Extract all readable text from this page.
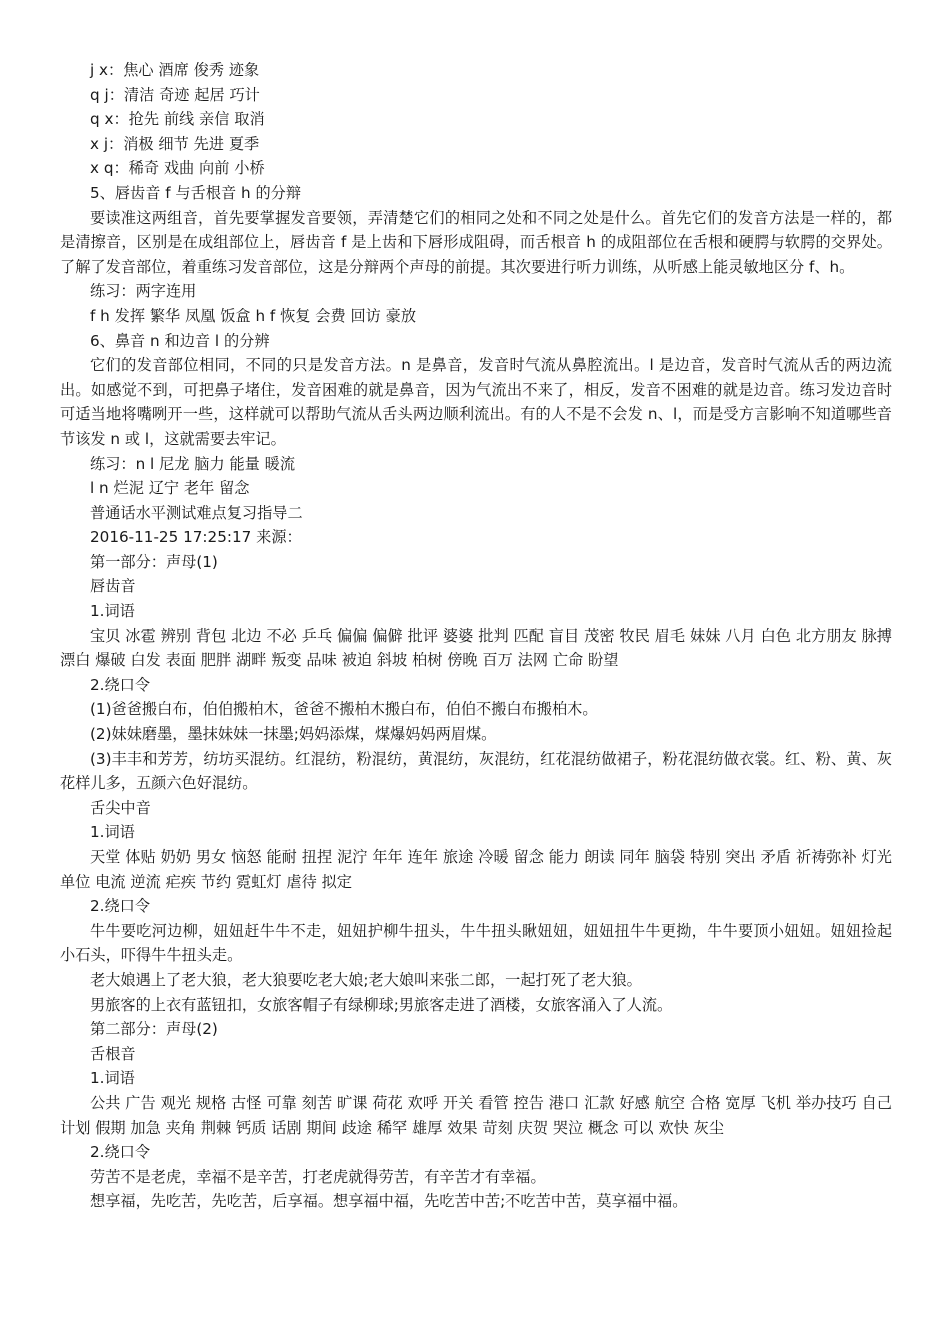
j x：焦心 酒席 俊秀 迹象

q j：清洁 奇迹 起居 巧计

q x：抢先 前线 亲信 取消

x j：消极 细节 先进 夏季

x q：稀奇 戏曲 向前 小桥

5、唇齿音 f 与舌根音 h 的分辩

要读准这两组音，首先要掌握发音要领，弄清楚它们的相同之处和不同之处是什么。首先它们的发音方法是一样的，都是清擦音，区别是在成组部位上，唇齿音 f 是上齿和下唇形成阻碍，而舌根音 h 的成阻部位在舌根和硬腭与软腭的交界处。了解了发音部位，着重练习发音部位，这是分辩两个声母的前提。其次要进行听力训练，从听感上能灵敏地区分 f、h。

练习：两字连用

f h 发挥 繁华 凤凰 饭盒 h f 恢复 会费 回访 豪放

6、鼻音 n 和边音 l 的分辨

它们的发音部位相同，不同的只是发音方法。n 是鼻音，发音时气流从鼻腔流出。l 是边音，发音时气流从舌的两边流出。如感觉不到，可把鼻子堵住，发音困难的就是鼻音，因为气流出不来了，相反，发音不困难的就是边音。练习发边音时可适当地将嘴咧开一些，这样就可以帮助气流从舌头两边顺利流出。有的人不是不会发 n、l，而是受方言影响不知道哪些音节该发 n 或 l，这就需要去牢记。

练习：n l 尼龙 脑力 能量 暖流

l n 烂泥 辽宁 老年 留念

普通话水平测试难点复习指导二

2016-11-25 17:25:17 来源：

第一部分：声母(1)

唇齿音

1.词语

宝贝 冰雹 辨别 背包 北边 不必 乒乓 偏偏 偏僻 批评 婆婆 批判 匹配 盲目 茂密 牧民 眉毛 妹妹 八月 白色 北方朋友 脉搏 漂白 爆破 白发 表面 肥胖 湖畔 叛变 品味 被迫 斜坡 柏树 傍晚 百万 法网 亡命 盼望

2.绕口令

(1)爸爸搬白布，伯伯搬柏木，爸爸不搬柏木搬白布，伯伯不搬白布搬柏木。

(2)妹妹磨墨，墨抹妹妹一抹墨;妈妈添煤，煤爆妈妈两眉煤。

(3)丰丰和芳芳，纺坊买混纺。红混纺，粉混纺，黄混纺，灰混纺，红花混纺做裙子，粉花混纺做衣裳。红、粉、黄、灰花样儿多，五颜六色好混纺。

舌尖中音

1.词语

天堂 体贴 奶奶 男女 恼怒 能耐 扭捏 泥泞 年年 连年 旅途 冷暖 留念 能力 朗读 同年 脑袋 特别 突出 矛盾 祈祷弥补 灯光 单位 电流 逆流 疟疾 节约 霓虹灯 虐待 拟定

2.绕口令

牛牛要吃河边柳，妞妞赶牛牛不走，妞妞护柳牛扭头，牛牛扭头瞅妞妞，妞妞扭牛牛更拗，牛牛要顶小妞妞。妞妞捡起小石头，吓得牛牛扭头走。

老大娘遇上了老大狼，老大狼要吃老大娘;老大娘叫来张二郎，一起打死了老大狼。

男旅客的上衣有蓝钮扣，女旅客帽子有绿柳球;男旅客走进了酒楼，女旅客涌入了人流。

第二部分：声母(2)

舌根音

1.词语

公共 广告 观光 规格 古怪 可靠 刻苦 旷课 荷花 欢呼 开关 看管 控告 港口 汇款 好感 航空 合格 宽厚 飞机 举办技巧 自己 计划 假期 加急 夹角 荆棘 钙质 话剧 期间 歧途 稀罕 雄厚 效果 苛刻 庆贺 哭泣 概念 可以 欢快 灰尘

2.绕口令

劳苦不是老虎，幸福不是辛苦，打老虎就得劳苦，有辛苦才有幸福。

想享福，先吃苦，先吃苦，后享福。想享福中福，先吃苦中苦;不吃苦中苦，莫享福中福。
